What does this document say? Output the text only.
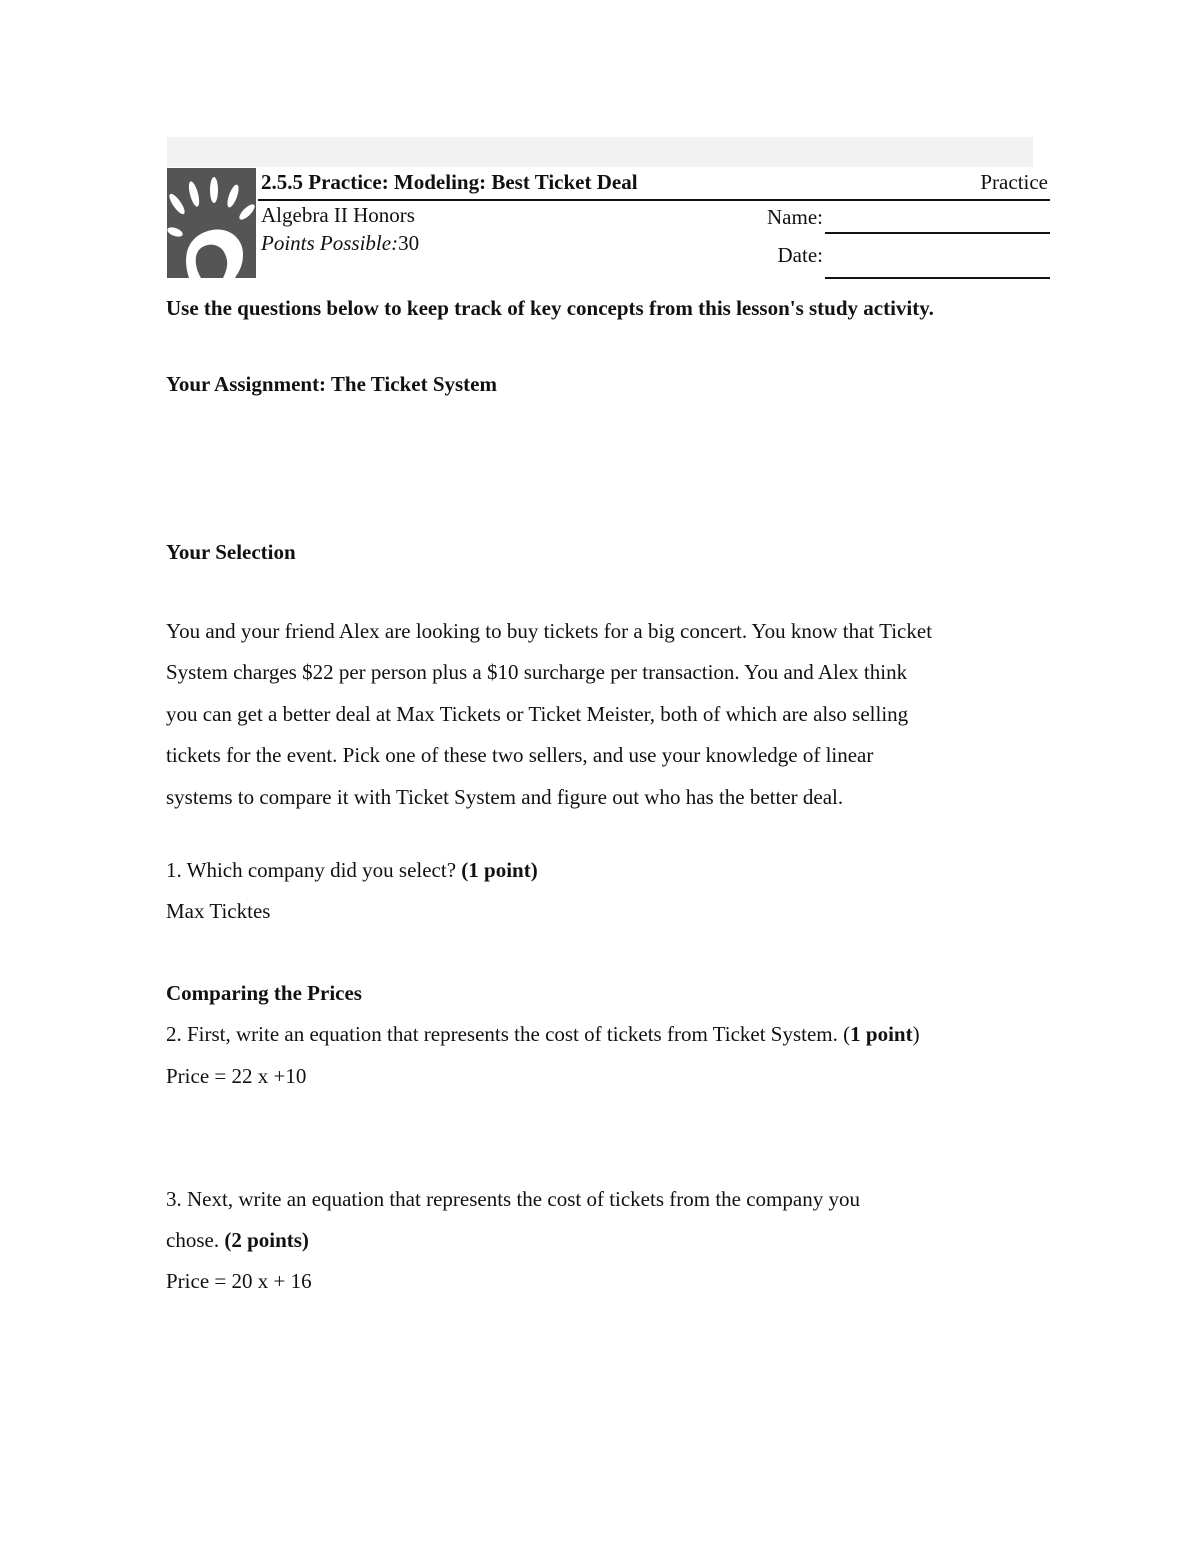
2.5.5 Practice: Modeling: Best Ticket Deal	Practice
Algebra II Honors
Points Possible:30
Name:
Date:
Use the questions below to keep track of key concepts from this lesson's study activity.
Your Assignment: The Ticket System
Your Selection
You and your friend Alex are looking to buy tickets for a big concert. You know that Ticket
System charges $22 per person plus a $10 surcharge per transaction. You and Alex think
you can get a better deal at Max Tickets or Ticket Meister, both of which are also selling
tickets for the event. Pick one of these two sellers, and use your knowledge of linear
systems to compare it with Ticket System and figure out who has the better deal.
1. Which company did you select? (1 point)
Max Ticktes
Comparing the Prices
2. First, write an equation that represents the cost of tickets from Ticket System. (1 point)
Price = 22 x +10
3. Next, write an equation that represents the cost of tickets from the company you
chose. (2 points)
Price = 20 x + 16
